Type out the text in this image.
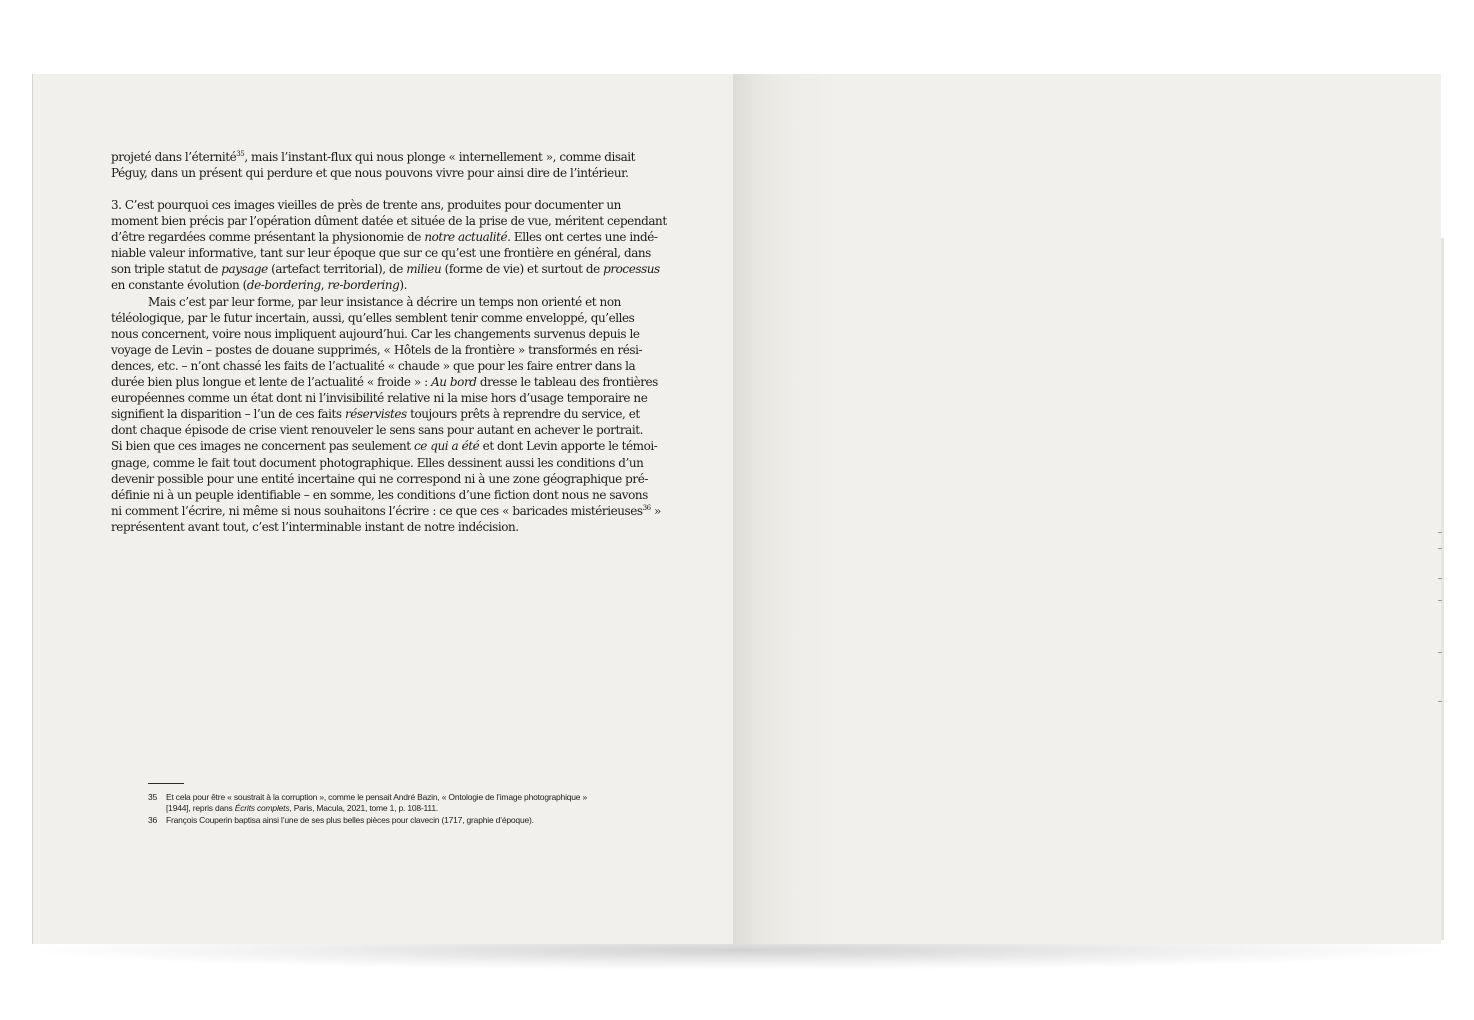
projeté dans l’éternité$^{35}$, mais l’instant-flux qui nous plonge « internellement », comme disait
Péguy, dans un présent qui perdure et que nous pouvons vivre pour ainsi dire de l’intérieur.
3. C’est pourquoi ces images vieilles de près de trente ans, produites pour documenter un
moment bien précis par l’opération dûment datée et située de la prise de vue, méritent cependant
d’être regardées comme présentant la physionomie de notre actualité. Elles ont certes une indé-
niable valeur informative, tant sur leur époque que sur ce qu’est une frontière en général, dans
son triple statut de paysage (artefact territorial), de milieu (forme de vie) et surtout de processus
en constante évolution (de-bordering, re-bordering).
Mais c’est par leur forme, par leur insistance à décrire un temps non orienté et non
téléologique, par le futur incertain, aussi, qu’elles semblent tenir comme enveloppé, qu’elles
nous concernent, voire nous impliquent aujourd’hui. Car les changements survenus depuis le
voyage de Levin – postes de douane supprimés, « Hôtels de la frontière » transformés en rési-
dences, etc. – n’ont chassé les faits de l’actualité « chaude » que pour les faire entrer dans la
durée bien plus longue et lente de l’actualité « froide » : Au bord dresse le tableau des frontières
européennes comme un état dont ni l’invisibilité relative ni la mise hors d’usage temporaire ne
signifient la disparition – l’un de ces faits réservistes toujours prêts à reprendre du service, et
dont chaque épisode de crise vient renouveler le sens sans pour autant en achever le portrait.
Si bien que ces images ne concernent pas seulement ce qui a été et dont Levin apporte le témoi-
gnage, comme le fait tout document photographique. Elles dessinent aussi les conditions d’un
devenir possible pour une entité incertaine qui ne correspond ni à une zone géographique pré-
définie ni à un peuple identifiable – en somme, les conditions d’une fiction dont nous ne savons
ni comment l’écrire, ni même si nous souhaitons l’écrire : ce que ces « baricades mistérieuses$^{36}$
représentent avant tout, c’est l’interminable instant de notre indécision.
35 Et cela pour être « soustrait à la corruption », comme le pensait André Bazin, « Ontologie de l’image photographique »
[1944], repris dans Écrits complets, Paris, Macula, 2021, tome 1, p. 108-111.
36 François Couperin baptisa ainsi l’une de ses plus belles pièces pour clavecin (1717, graphie d’époque).
